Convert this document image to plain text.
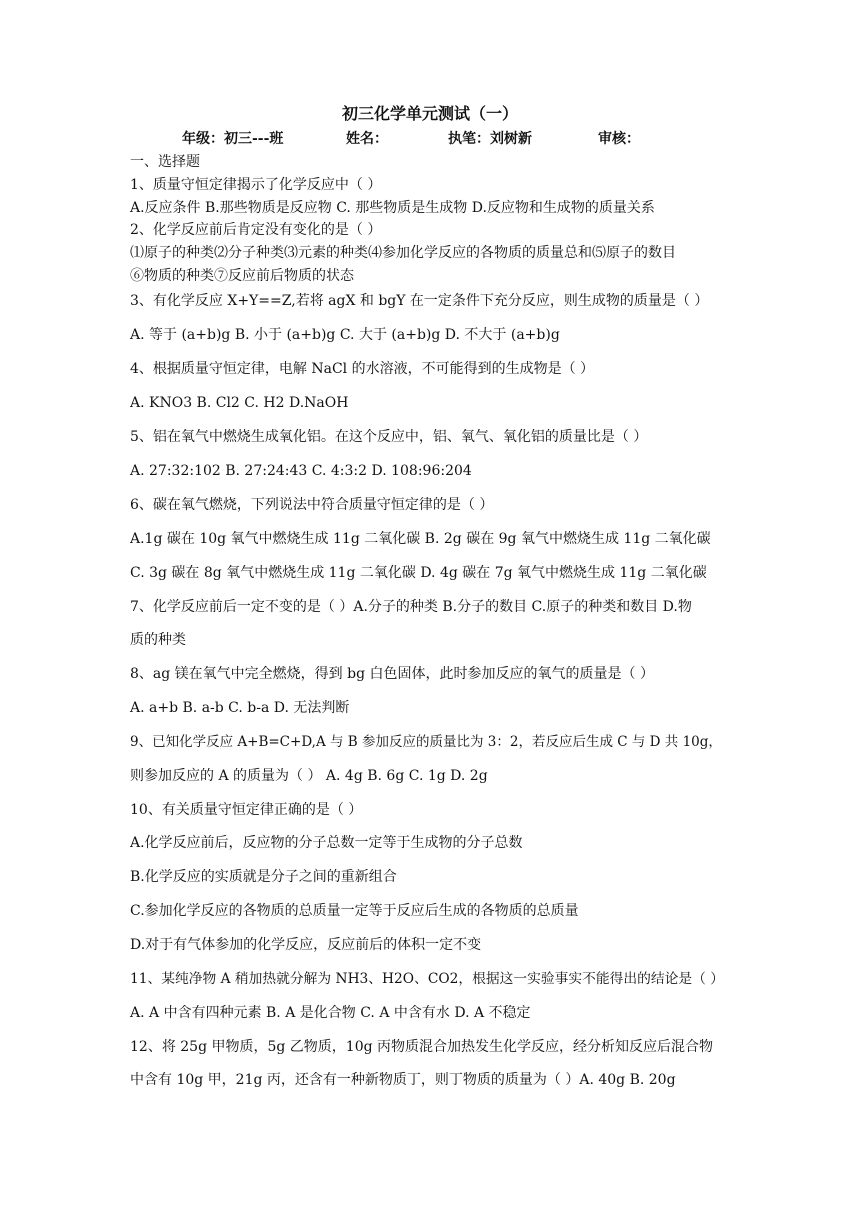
初三化学单元测试（一）
年级：初三---班	姓名：	执笔：刘树新	审核：
一、选择题
1、质量守恒定律揭示了化学反应中（ ）
A.反应条件 B.那些物质是反应物 C. 那些物质是生成物 D.反应物和生成物的质量关系
2、化学反应前后肯定没有变化的是（ ）
⑴原子的种类⑵分子种类⑶元素的种类⑷参加化学反应的各物质的质量总和⑸原子的数目
⑥物质的种类⑦反应前后物质的状态
3、有化学反应 X+Y==Z,若将 agX 和 bgY 在一定条件下充分反应，则生成物的质量是（ ）
A. 等于 (a+b)g B. 小于 (a+b)g C. 大于 (a+b)g D. 不大于 (a+b)g
4、根据质量守恒定律，电解 NaCl 的水溶液，不可能得到的生成物是（ ）
A. KNO3 B. Cl2 C. H2 D.NaOH
5、铝在氧气中燃烧生成氧化铝。在这个反应中，铝、氧气、氧化铝的质量比是（ ）
A. 27:32:102 B. 27:24:43 C. 4:3:2 D. 108:96:204
6、碳在氧气燃烧，下列说法中符合质量守恒定律的是（ ）
A.1g 碳在 10g 氧气中燃烧生成 11g 二氧化碳 B. 2g 碳在 9g 氧气中燃烧生成 11g 二氧化碳
C. 3g 碳在 8g 氧气中燃烧生成 11g 二氧化碳 D. 4g 碳在 7g 氧气中燃烧生成 11g 二氧化碳
7、化学反应前后一定不变的是（ ）A.分子的种类 B.分子的数目 C.原子的种类和数目 D.物
质的种类
8、ag 镁在氧气中完全燃烧，得到 bg 白色固体，此时参加反应的氧气的质量是（ ）
A. a+b B. a-b C. b-a D. 无法判断
9、已知化学反应 A+B=C+D,A 与 B 参加反应的质量比为 3：2，若反应后生成 C 与 D 共 10g，
则参加反应的 A 的质量为（ ） A. 4g B. 6g C. 1g D. 2g
10、有关质量守恒定律正确的是（ ）
A.化学反应前后，反应物的分子总数一定等于生成物的分子总数
B.化学反应的实质就是分子之间的重新组合
C.参加化学反应的各物质的总质量一定等于反应后生成的各物质的总质量
D.对于有气体参加的化学反应，反应前后的体积一定不变
11、某纯净物 A 稍加热就分解为 NH3、H2O、CO2，根据这一实验事实不能得出的结论是（ ）
A. A 中含有四种元素 B. A 是化合物 C. A 中含有水 D. A 不稳定
12、将 25g 甲物质，5g 乙物质，10g 丙物质混合加热发生化学反应，经分析知反应后混合物
中含有 10g 甲，21g 丙，还含有一种新物质丁，则丁物质的质量为（ ）A. 40g B. 20g
